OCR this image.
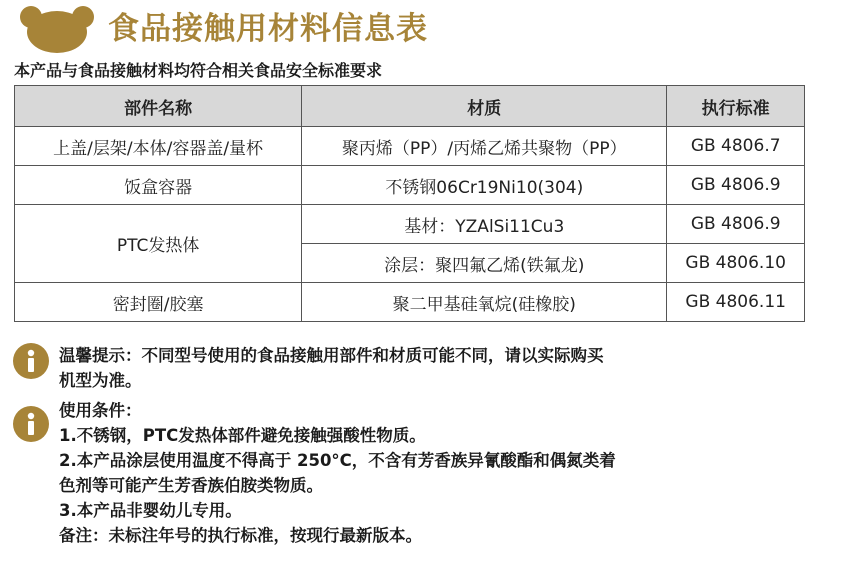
食品接触用材料信息表
本产品与食品接触材料均符合相关食品安全标准要求
部件名称	材质	执行标准
上盖/层架/本体/容器盖/量杯	聚丙烯（PP）/丙烯乙烯共聚物（PP）	GB 4806.7
饭盒容器	不锈钢06Cr19Ni10(304)	GB 4806.9
PTC发热体	基材：YZAlSi11Cu3	GB 4806.9
	涂层：聚四氟乙烯(铁氟龙)	GB 4806.10
密封圈/胶塞	聚二甲基硅氧烷(硅橡胶)	GB 4806.11
温馨提示：不同型号使用的食品接触用部件和材质可能不同，请以实际购买
机型为准。
使用条件：
1.不锈钢，PTC发热体部件避免接触强酸性物质。
2.本产品涂层使用温度不得高于 250°C，不含有芳香族异氰酸酯和偶氮类着
色剂等可能产生芳香族伯胺类物质。
3.本产品非婴幼儿专用。
备注：未标注年号的执行标准，按现行最新版本。
